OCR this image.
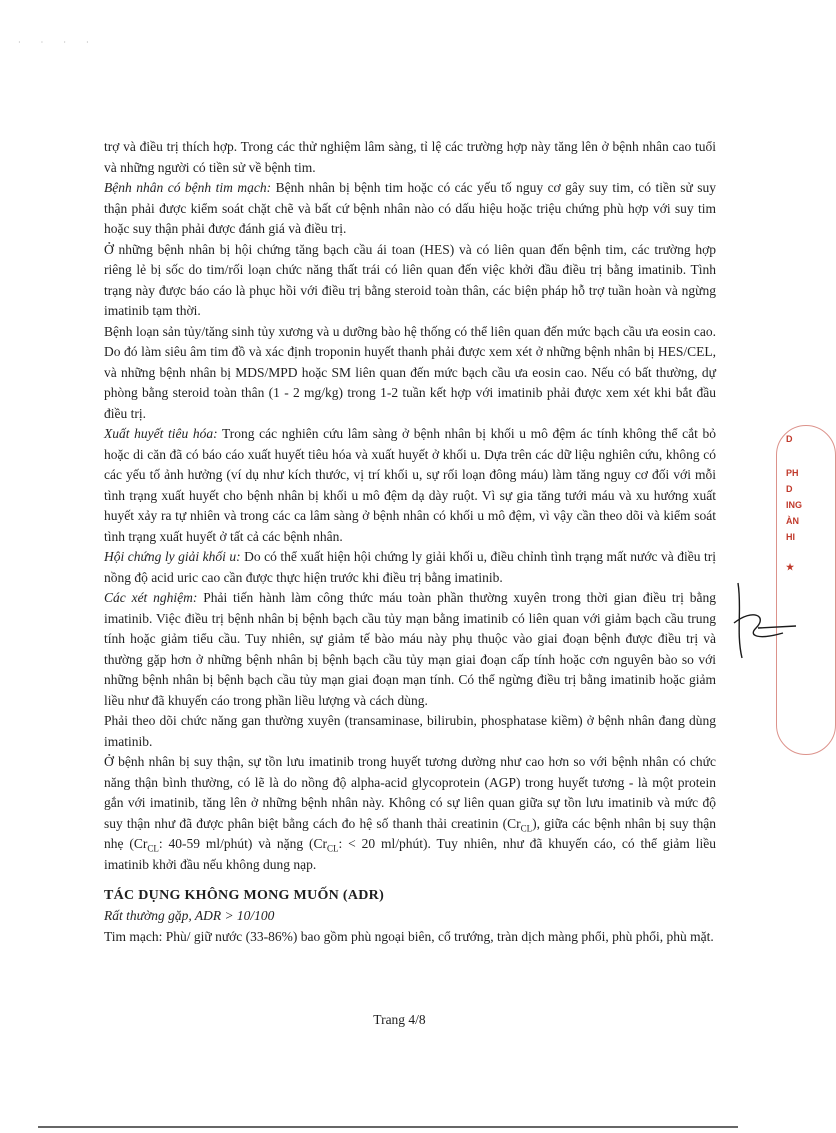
· · · ·

trợ và điều trị thích hợp. Trong các thử nghiệm lâm sàng, tỉ lệ các trường hợp này tăng lên ở bệnh nhân cao tuổi và những người có tiền sử về bệnh tim.

Bệnh nhân có bệnh tim mạch: Bệnh nhân bị bệnh tim hoặc có các yếu tố nguy cơ gây suy tim, có tiền sử suy thận phải được kiểm soát chặt chẽ và bất cứ bệnh nhân nào có dấu hiệu hoặc triệu chứng phù hợp với suy tim hoặc suy thận phải được đánh giá và điều trị.

Ở những bệnh nhân bị hội chứng tăng bạch cầu ái toan (HES) và có liên quan đến bệnh tim, các trường hợp riêng lẻ bị sốc do tim/rối loạn chức năng thất trái có liên quan đến việc khởi đầu điều trị bằng imatinib. Tình trạng này được báo cáo là phục hồi với điều trị bằng steroid toàn thân, các biện pháp hỗ trợ tuần hoàn và ngừng imatinib tạm thời.

Bệnh loạn sản tủy/tăng sinh tủy xương và u dưỡng bào hệ thống có thể liên quan đến mức bạch cầu ưa eosin cao. Do đó làm siêu âm tim đồ và xác định troponin huyết thanh phải được xem xét ở những bệnh nhân bị HES/CEL, và những bệnh nhân bị MDS/MPD hoặc SM liên quan đến mức bạch cầu ưa eosin cao. Nếu có bất thường, dự phòng bằng steroid toàn thân (1 - 2 mg/kg) trong 1-2 tuần kết hợp với imatinib phải được xem xét khi bắt đầu điều trị.

Xuất huyết tiêu hóa: Trong các nghiên cứu lâm sàng ở bệnh nhân bị khối u mô đệm ác tính không thể cắt bỏ hoặc di căn đã có báo cáo xuất huyết tiêu hóa và xuất huyết ở khối u. Dựa trên các dữ liệu nghiên cứu, không có các yếu tố ảnh hưởng (ví dụ như kích thước, vị trí khối u, sự rối loạn đông máu) làm tăng nguy cơ đối với mỗi tình trạng xuất huyết cho bệnh nhân bị khối u mô đệm dạ dày ruột. Vì sự gia tăng tưới máu và xu hướng xuất huyết xảy ra tự nhiên và trong các ca lâm sàng ở bệnh nhân có khối u mô đệm, vì vậy cần theo dõi và kiểm soát tình trạng xuất huyết ở tất cả các bệnh nhân.

Hội chứng ly giải khối u: Do có thể xuất hiện hội chứng ly giải khối u, điều chỉnh tình trạng mất nước và điều trị nồng độ acid uric cao cần được thực hiện trước khi điều trị bằng imatinib.

Các xét nghiệm: Phải tiến hành làm công thức máu toàn phần thường xuyên trong thời gian điều trị bằng imatinib. Việc điều trị bệnh nhân bị bệnh bạch cầu tủy mạn bằng imatinib có liên quan với giảm bạch cầu trung tính hoặc giảm tiểu cầu. Tuy nhiên, sự giảm tế bào máu này phụ thuộc vào giai đoạn bệnh được điều trị và thường gặp hơn ở những bệnh nhân bị bệnh bạch cầu tủy mạn giai đoạn cấp tính hoặc cơn nguyên bào so với những bệnh nhân bị bệnh bạch cầu tủy mạn giai đoạn mạn tính. Có thể ngừng điều trị bằng imatinib hoặc giảm liều như đã khuyến cáo trong phần liều lượng và cách dùng.

Phải theo dõi chức năng gan thường xuyên (transaminase, bilirubin, phosphatase kiềm) ở bệnh nhân đang dùng imatinib.

Ở bệnh nhân bị suy thận, sự tồn lưu imatinib trong huyết tương dường như cao hơn so với bệnh nhân có chức năng thận bình thường, có lẽ là do nồng độ alpha-acid glycoprotein (AGP) trong huyết tương - là một protein gắn với imatinib, tăng lên ở những bệnh nhân này. Không có sự liên quan giữa sự tồn lưu imatinib và mức độ suy thận như đã được phân biệt bằng cách đo hệ số thanh thải creatinin $(Cr_{CL})$, giữa các bệnh nhân bị suy thận nhẹ ($Cr_{CL}$: 40-59 ml/phút) và nặng ($Cr_{CL}$: < 20 ml/phút). Tuy nhiên, như đã khuyến cáo, có thể giảm liều imatinib khởi đầu nếu không dung nạp.

TÁC DỤNG KHÔNG MONG MUỐN (ADR)

Rất thường gặp, ADR > 10/100

Tim mạch: Phù/ giữ nước (33-86%) bao gồm phù ngoại biên, cổ trướng, tràn dịch màng phổi, phù phổi, phù mặt.

Trang 4/8
D
PH
D
ING
ÀN
HI
★
